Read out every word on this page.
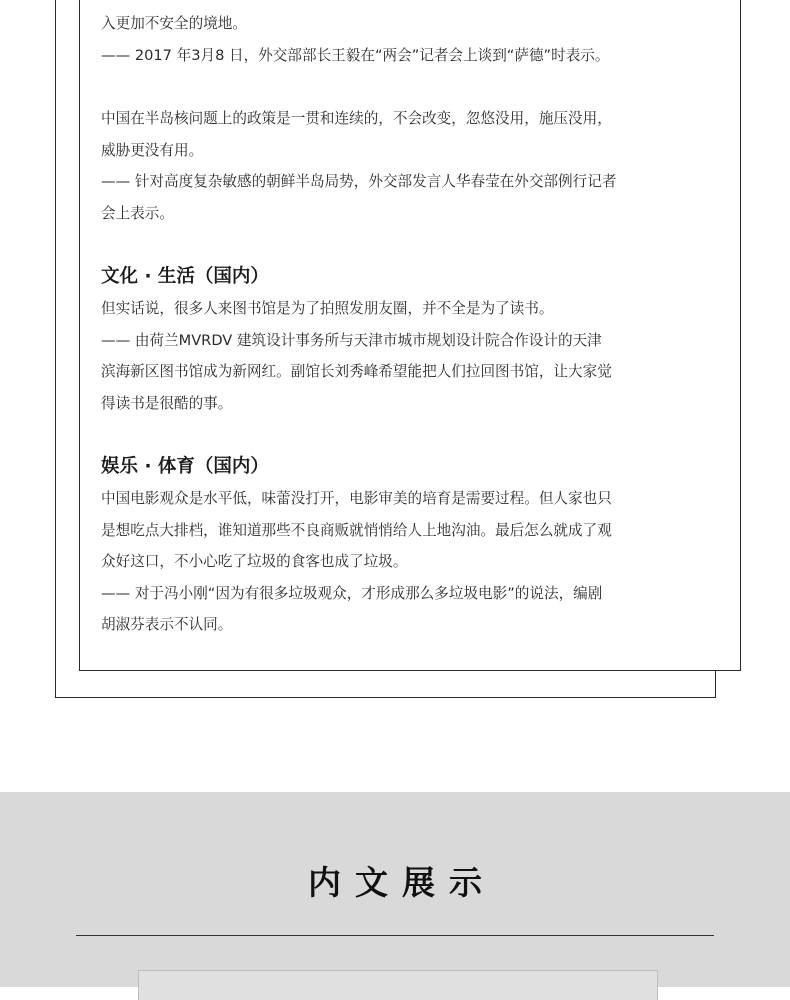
入更加不安全的境地。

—— 2017 年3月8 日，外交部部长王毅在“两会”记者会上谈到“萨德”时表示。

中国在半岛核问题上的政策是一贯和连续的，不会改变，忽悠没用，施压没用，

威胁更没有用。

—— 针对高度复杂敏感的朝鲜半岛局势，外交部发言人华春莹在外交部例行记者

会上表示。

文化 · 生活（国内）

但实话说，很多人来图书馆是为了拍照发朋友圈，并不全是为了读书。

—— 由荷兰MVRDV 建筑设计事务所与天津市城市规划设计院合作设计的天津

滨海新区图书馆成为新网红。副馆长刘秀峰希望能把人们拉回图书馆，让大家觉

得读书是很酷的事。

娱乐 · 体育（国内）

中国电影观众是水平低，味蕾没打开，电影审美的培育是需要过程。但人家也只

是想吃点大排档，谁知道那些不良商贩就悄悄给人上地沟油。最后怎么就成了观

众好这口，不小心吃了垃圾的食客也成了垃圾。

—— 对于冯小刚“因为有很多垃圾观众，才形成那么多垃圾电影”的说法，编剧

胡淑芬表示不认同。

内文展示
